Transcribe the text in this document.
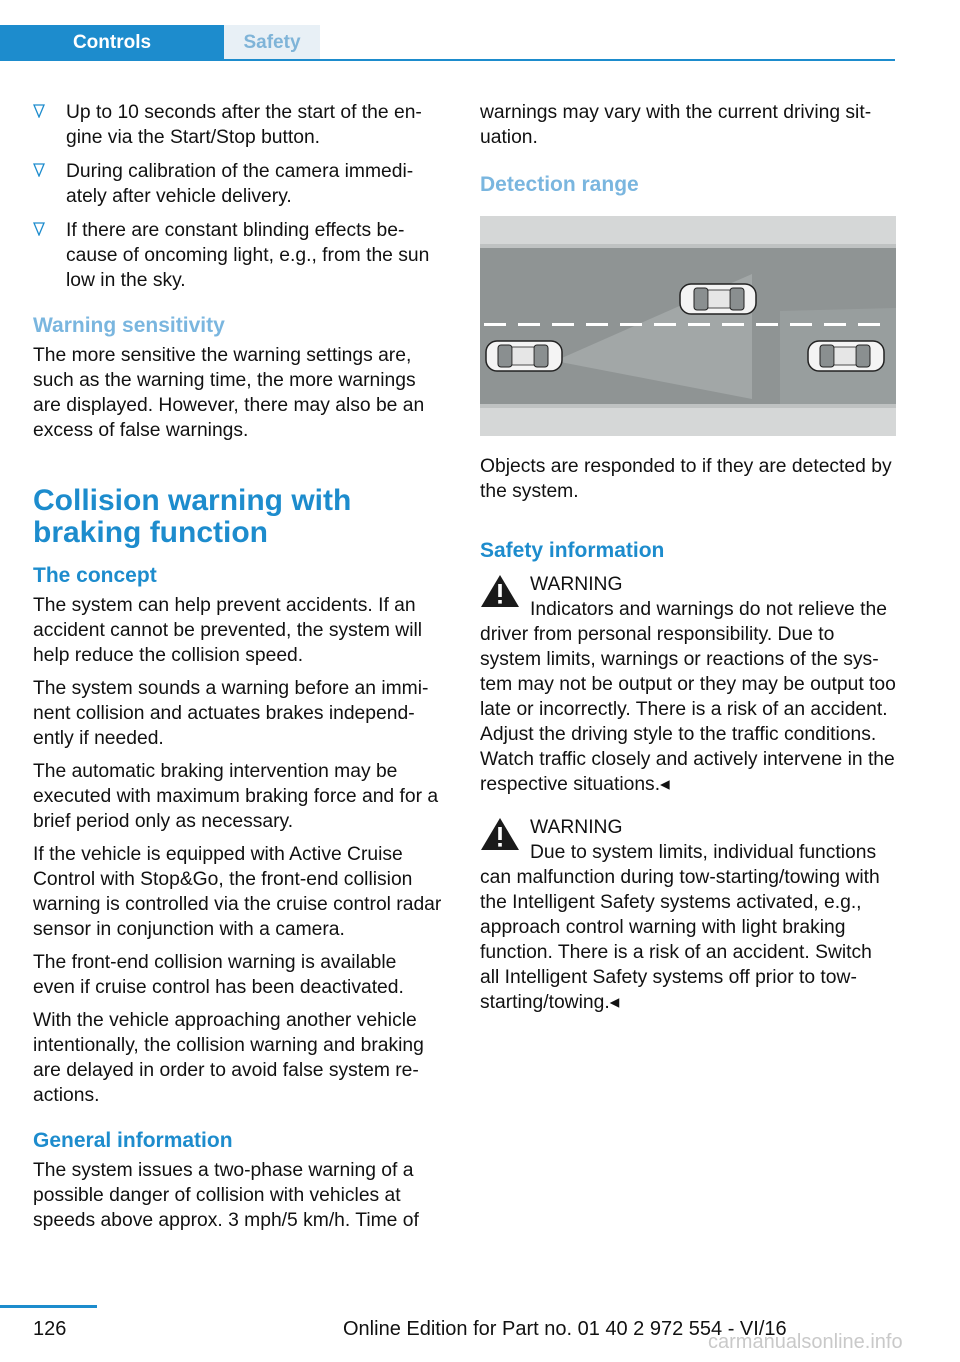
Controls	Safety
Up to 10 seconds after the start of the engine via the Start/Stop button.
During calibration of the camera immediately after vehicle delivery.
If there are constant blinding effects because of oncoming light, e.g., from the sun low in the sky.
Warning sensitivity

The more sensitive the warning settings are, such as the warning time, the more warnings are displayed. However, there may also be an excess of false warnings.

Collision warning with braking function
The concept

The system can help prevent accidents. If an accident cannot be prevented, the system will help reduce the collision speed.

The system sounds a warning before an imminent collision and actuates brakes independently if needed.

The automatic braking intervention may be executed with maximum braking force and for a brief period only as necessary.

If the vehicle is equipped with Active Cruise Control with Stop&Go, the front-end collision warning is controlled via the cruise control radar sensor in conjunction with a camera.

The front-end collision warning is available even if cruise control has been deactivated.

With the vehicle approaching another vehicle intentionally, the collision warning and braking are delayed in order to avoid false system reactions.

General information

The system issues a two-phase warning of a possible danger of collision with vehicles at speeds above approx. 3 mph/5 km/h. Time of

warnings may vary with the current driving situation.

Detection range

Objects are responded to if they are detected by the system.

Safety information
WARNING
Indicators and warnings do not relieve the driver from personal responsibility. Due to system limits, warnings or reactions of the system may not be output or they may be output too late or incorrectly. There is a risk of an accident. Adjust the driving style to the traffic conditions. Watch traffic closely and actively intervene in the respective situations.◂
WARNING
Due to system limits, individual functions can malfunction during tow-starting/towing with the Intelligent Safety systems activated, e.g., approach control warning with light braking function. There is a risk of an accident. Switch all Intelligent Safety systems off prior to tow-starting/towing.◂
126	Online Edition for Part no. 01 40 2 972 554 - VI/16
carmanualsonline.info
